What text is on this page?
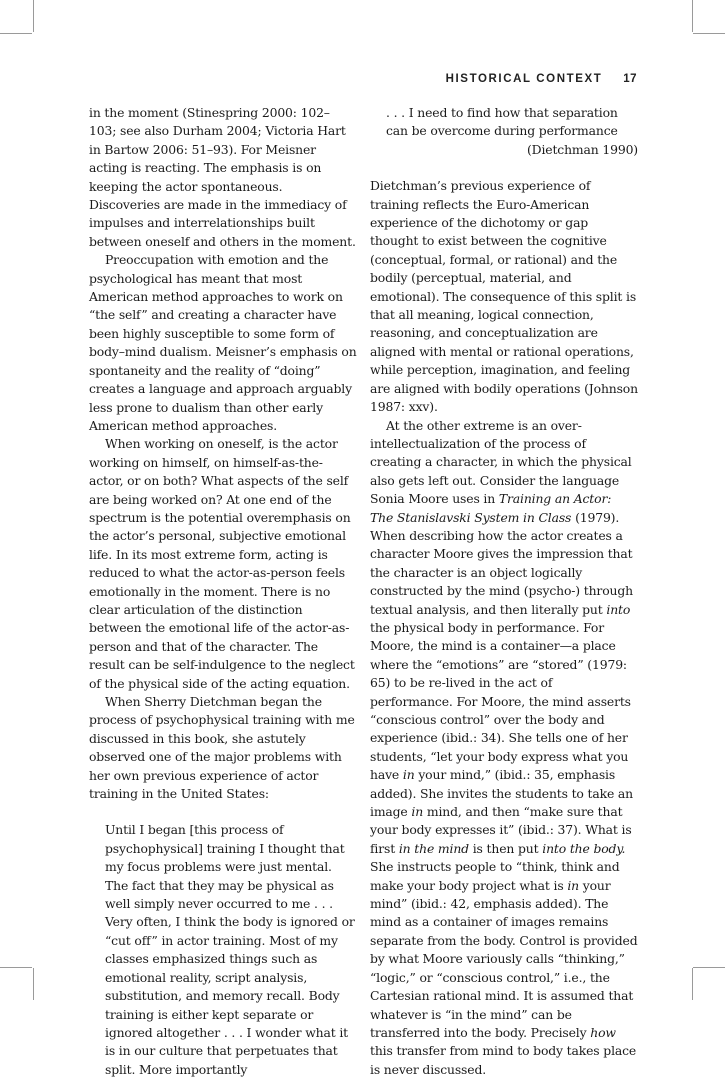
HISTORICAL CONTEXT 17

in the moment (Stinespring 2000: 102–103; see also Durham 2004; Victoria Hart in Bartow 2006: 51–93). For Meisner acting is reacting. The emphasis is on keeping the actor spontaneous. Discoveries are made in the immediacy of impulses and interrelationships built between oneself and others in the moment.

Preoccupation with emotion and the psychological has meant that most American method approaches to work on “the self” and creating a character have been highly susceptible to some form of body–mind dualism. Meisner’s emphasis on spontaneity and the reality of “doing” creates a language and approach arguably less prone to dualism than other early American method approaches.

When working on oneself, is the actor working on himself, on himself-as-the-actor, or on both? What aspects of the self are being worked on? At one end of the spectrum is the potential overemphasis on the actor’s personal, subjective emotional life. In its most extreme form, acting is reduced to what the actor-as-person feels emotionally in the moment. There is no clear articulation of the distinction between the emotional life of the actor-as-person and that of the character. The result can be self-indulgence to the neglect of the physical side of the acting equation.

When Sherry Dietchman began the process of psychophysical training with me discussed in this book, she astutely observed one of the major problems with her own previous experience of actor training in the United States:

Until I began [this process of psychophysical] training I thought that my focus problems were just mental. The fact that they may be physical as well simply never occurred to me . . . Very often, I think the body is ignored or “cut off” in actor training. Most of my classes emphasized things such as emotional reality, script analysis, substitution, and memory recall. Body training is either kept separate or ignored altogether . . . I wonder what it is in our culture that perpetuates that split. More importantly

. . . I need to find how that separation can be overcome during performance

(Dietchman 1990)

Dietchman’s previous experience of training reflects the Euro-American experience of the dichotomy or gap thought to exist between the cognitive (conceptual, formal, or rational) and the bodily (perceptual, material, and emotional). The consequence of this split is that all meaning, logical connection, reasoning, and conceptualization are aligned with mental or rational operations, while perception, imagination, and feeling are aligned with bodily operations (Johnson 1987: xxv).

At the other extreme is an over-intellectualization of the process of creating a character, in which the physical also gets left out. Consider the language Sonia Moore uses in Training an Actor: The Stanislavski System in Class (1979). When describing how the actor creates a character Moore gives the impression that the character is an object logically constructed by the mind (psycho-) through textual analysis, and then literally put into the physical body in performance. For Moore, the mind is a container—a place where the “emotions” are “stored” (1979: 65) to be re-lived in the act of performance. For Moore, the mind asserts “conscious control” over the body and experience (ibid.: 34). She tells one of her students, “let your body express what you have in your mind,” (ibid.: 35, emphasis added). She invites the students to take an image in mind, and then “make sure that your body expresses it” (ibid.: 37). What is first in the mind is then put into the body. She instructs people to “think, think and make your body project what is in your mind” (ibid.: 42, emphasis added). The mind as a container of images remains separate from the body. Control is provided by what Moore variously calls “thinking,” “logic,” or “conscious control,” i.e., the Cartesian rational mind. It is assumed that whatever is “in the mind” can be transferred into the body. Precisely how this transfer from mind to body takes place is never discussed.
